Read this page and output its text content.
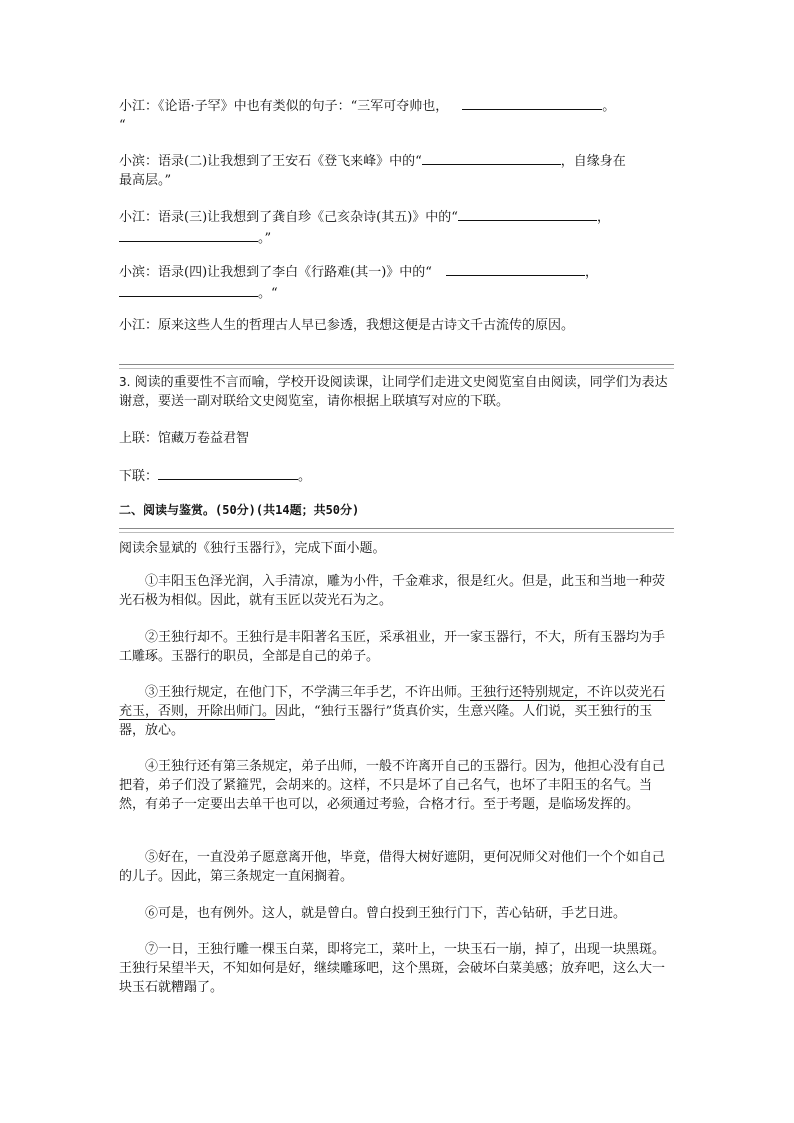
小江：《论语·子罕》中也有类似的句子：“三军可夺帅也，	。
“
小滨：语录(二)让我想到了王安石《登飞来峰》中的“	，自缘身在
最高层。”
小江：语录(三)让我想到了龚自珍《己亥杂诗(其五)》中的“	，
。”
小滨：语录(四)让我想到了李白《行路难(其一)》中的“	，
。“
小江：原来这些人生的哲理古人早已参透，我想这便是古诗文千古流传的原因。
3. 阅读的重要性不言而喻，学校开设阅读课，让同学们走进文史阅览室自由阅读，同学们为表达谢意，要送一副对联给文史阅览室，请你根据上联填写对应的下联。
上联：馆藏万卷益君智
下联：	。
二、阅读与鉴赏。(50分)(共14题；共50分)
阅读余显斌的《独行玉器行》，完成下面小题。
①丰阳玉色泽光润，入手清凉，雕为小件，千金难求，很是红火。但是，此玉和当地一种荧光石极为相似。因此，就有玉匠以荧光石为之。
②王独行却不。王独行是丰阳著名玉匠，采承祖业，开一家玉器行，不大，所有玉器均为手工雕琢。玉器行的职员，全部是自己的弟子。
③王独行规定，在他门下，不学满三年手艺，不许出师。王独行还特别规定，不许以荧光石充玉，否则，开除出师门。因此，“独行玉器行”货真价实，生意兴隆。人们说，买王独行的玉器，放心。
④王独行还有第三条规定，弟子出师，一般不许离开自己的玉器行。因为，他担心没有自己把着，弟子们没了紧箍咒，会胡来的。这样，不只是坏了自己名气，也坏了丰阳玉的名气。当然，有弟子一定要出去单干也可以，必须通过考验，合格才行。至于考题，是临场发挥的。
⑤好在，一直没弟子愿意离开他，毕竟，借得大树好遮阴，更何况师父对他们一个个如自己的儿子。因此，第三条规定一直闲搁着。
⑥可是，也有例外。这人，就是曾白。曾白投到王独行门下，苦心钻研，手艺日进。
⑦一日，王独行雕一棵玉白菜，即将完工，菜叶上，一块玉石一崩，掉了，出现一块黑斑。王独行呆望半天，不知如何是好，继续雕琢吧，这个黑斑，会破坏白菜美感；放弃吧，这么大一块玉石就糟蹋了。
